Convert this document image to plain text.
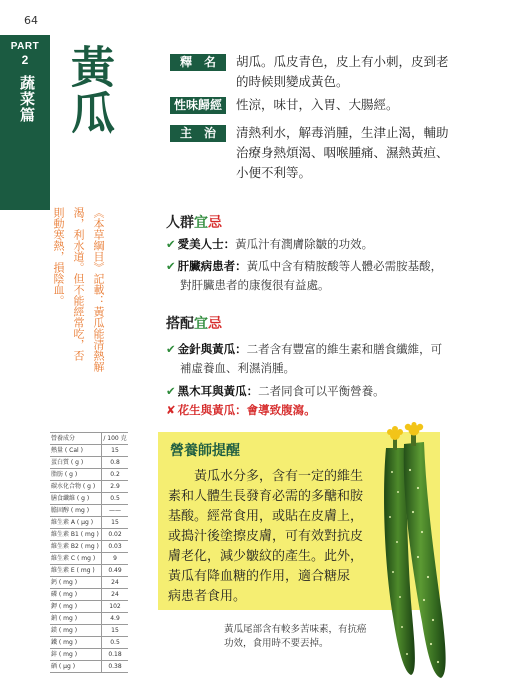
64
PART
2
蔬菜篇 黃瓜	釋　名	胡瓜。瓜皮青色，皮上有小刺，皮到老
的時候則變成黃色。
性味歸經	性涼，味甘，入胃、大腸經。
主　治	清熱利水，解毒消腫，生津止渴，輔助
治療身熱煩渴、咽喉腫痛、濕熱黃疸、
小便不利等。
《本草綱目》記載：黃瓜能清熱解
渴，利水道。但不能經常吃，否
則動寒熱，損陰血。	人群宜忌
✔ 愛美人士：黃瓜汁有潤膚除皺的功效。
✔ 肝臟病患者：黃瓜中含有精胺酸等人體必需胺基酸，
對肝臟患者的康復很有益處。
搭配宜忌
✔ 金針與黃瓜：二者含有豐富的維生素和膳食纖維，可
補虛養血、利濕消腫。
✔ 黑木耳與黃瓜：二者同食可以平衡營養。
✘ 花生與黃瓜：會導致腹瀉。
營養成分	/ 100 克
熱量 ( Cal )	15
蛋白質 ( g )	0.8
脂肪 ( g )	0.2
碳水化合物 ( g )	2.9
膳食纖維 ( g )	0.5
膽固醇 ( mg )	——
維生素 A ( μg )	15
維生素 B1 ( mg )	0.02
維生素 B2 ( mg )	0.03
維生素 C ( mg )	9
維生素 E ( mg )	0.49
鈣 ( mg )	24
磷 ( mg )	24
鉀 ( mg )	102
鈉 ( mg )	4.9
鎂 ( mg )	15
鐵 ( mg )	0.5
鋅 ( mg )	0.18
硒 ( μg )	0.38
營養師提醒
　　黃瓜水分多，含有一定的維生
素和人體生長發育必需的多醣和胺
基酸。經常食用，或貼在皮膚上，
或搗汁後塗擦皮膚，可有效對抗皮
膚老化，減少皺紋的產生。此外，
黃瓜有降血糖的作用，適合糖尿
病患者食用。
黃瓜尾部含有較多苦味素，有抗癌
功效，食用時不要丟掉。
